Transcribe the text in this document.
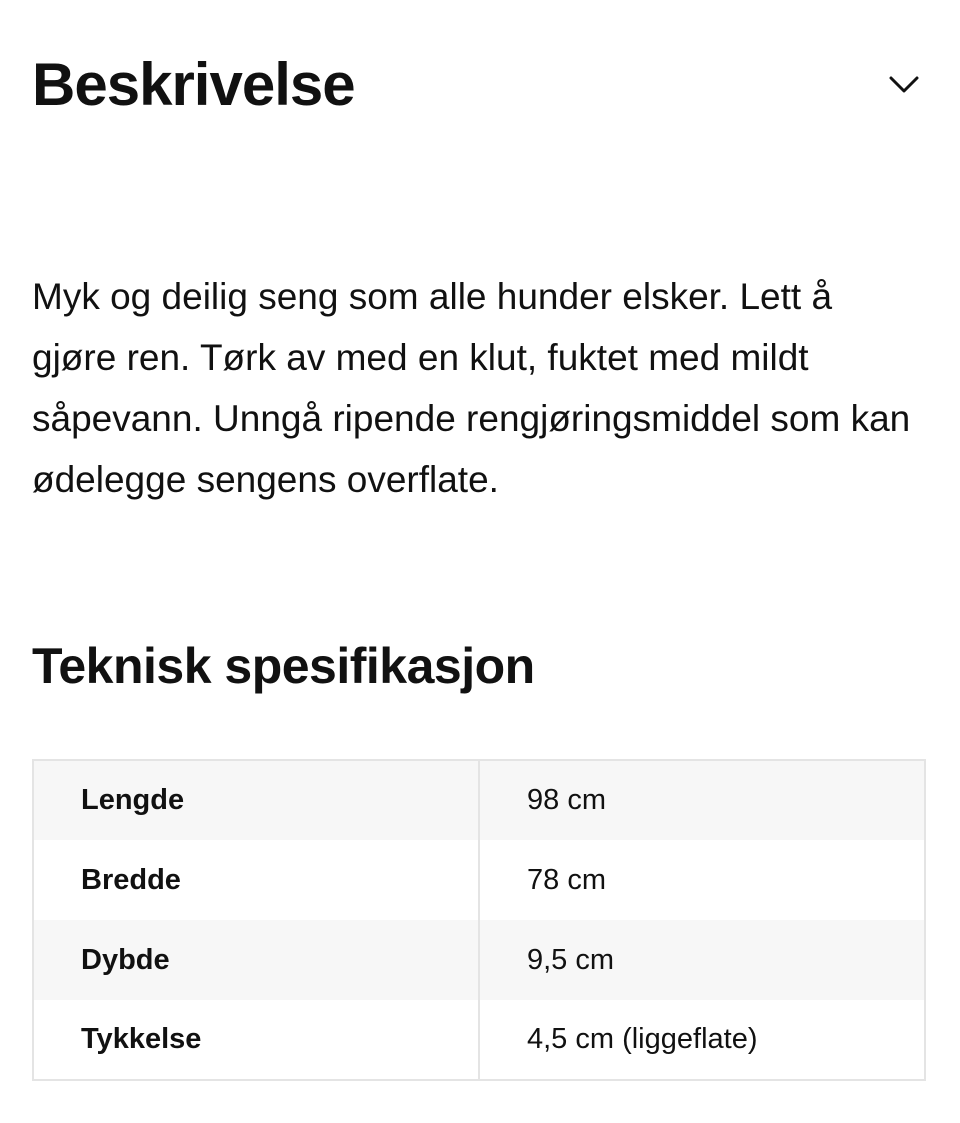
Beskrivelse

Myk og deilig seng som alle hunder elsker. Lett å gjøre ren. Tørk av med en klut, fuktet med mildt såpevann. Unngå ripende rengjøringsmiddel som kan ødelegge sengens overflate.

Teknisk spesifikasjon
Lengde	98 cm
Bredde	78 cm
Dybde	9,5 cm
Tykkelse	4,5 cm (liggeflate)
